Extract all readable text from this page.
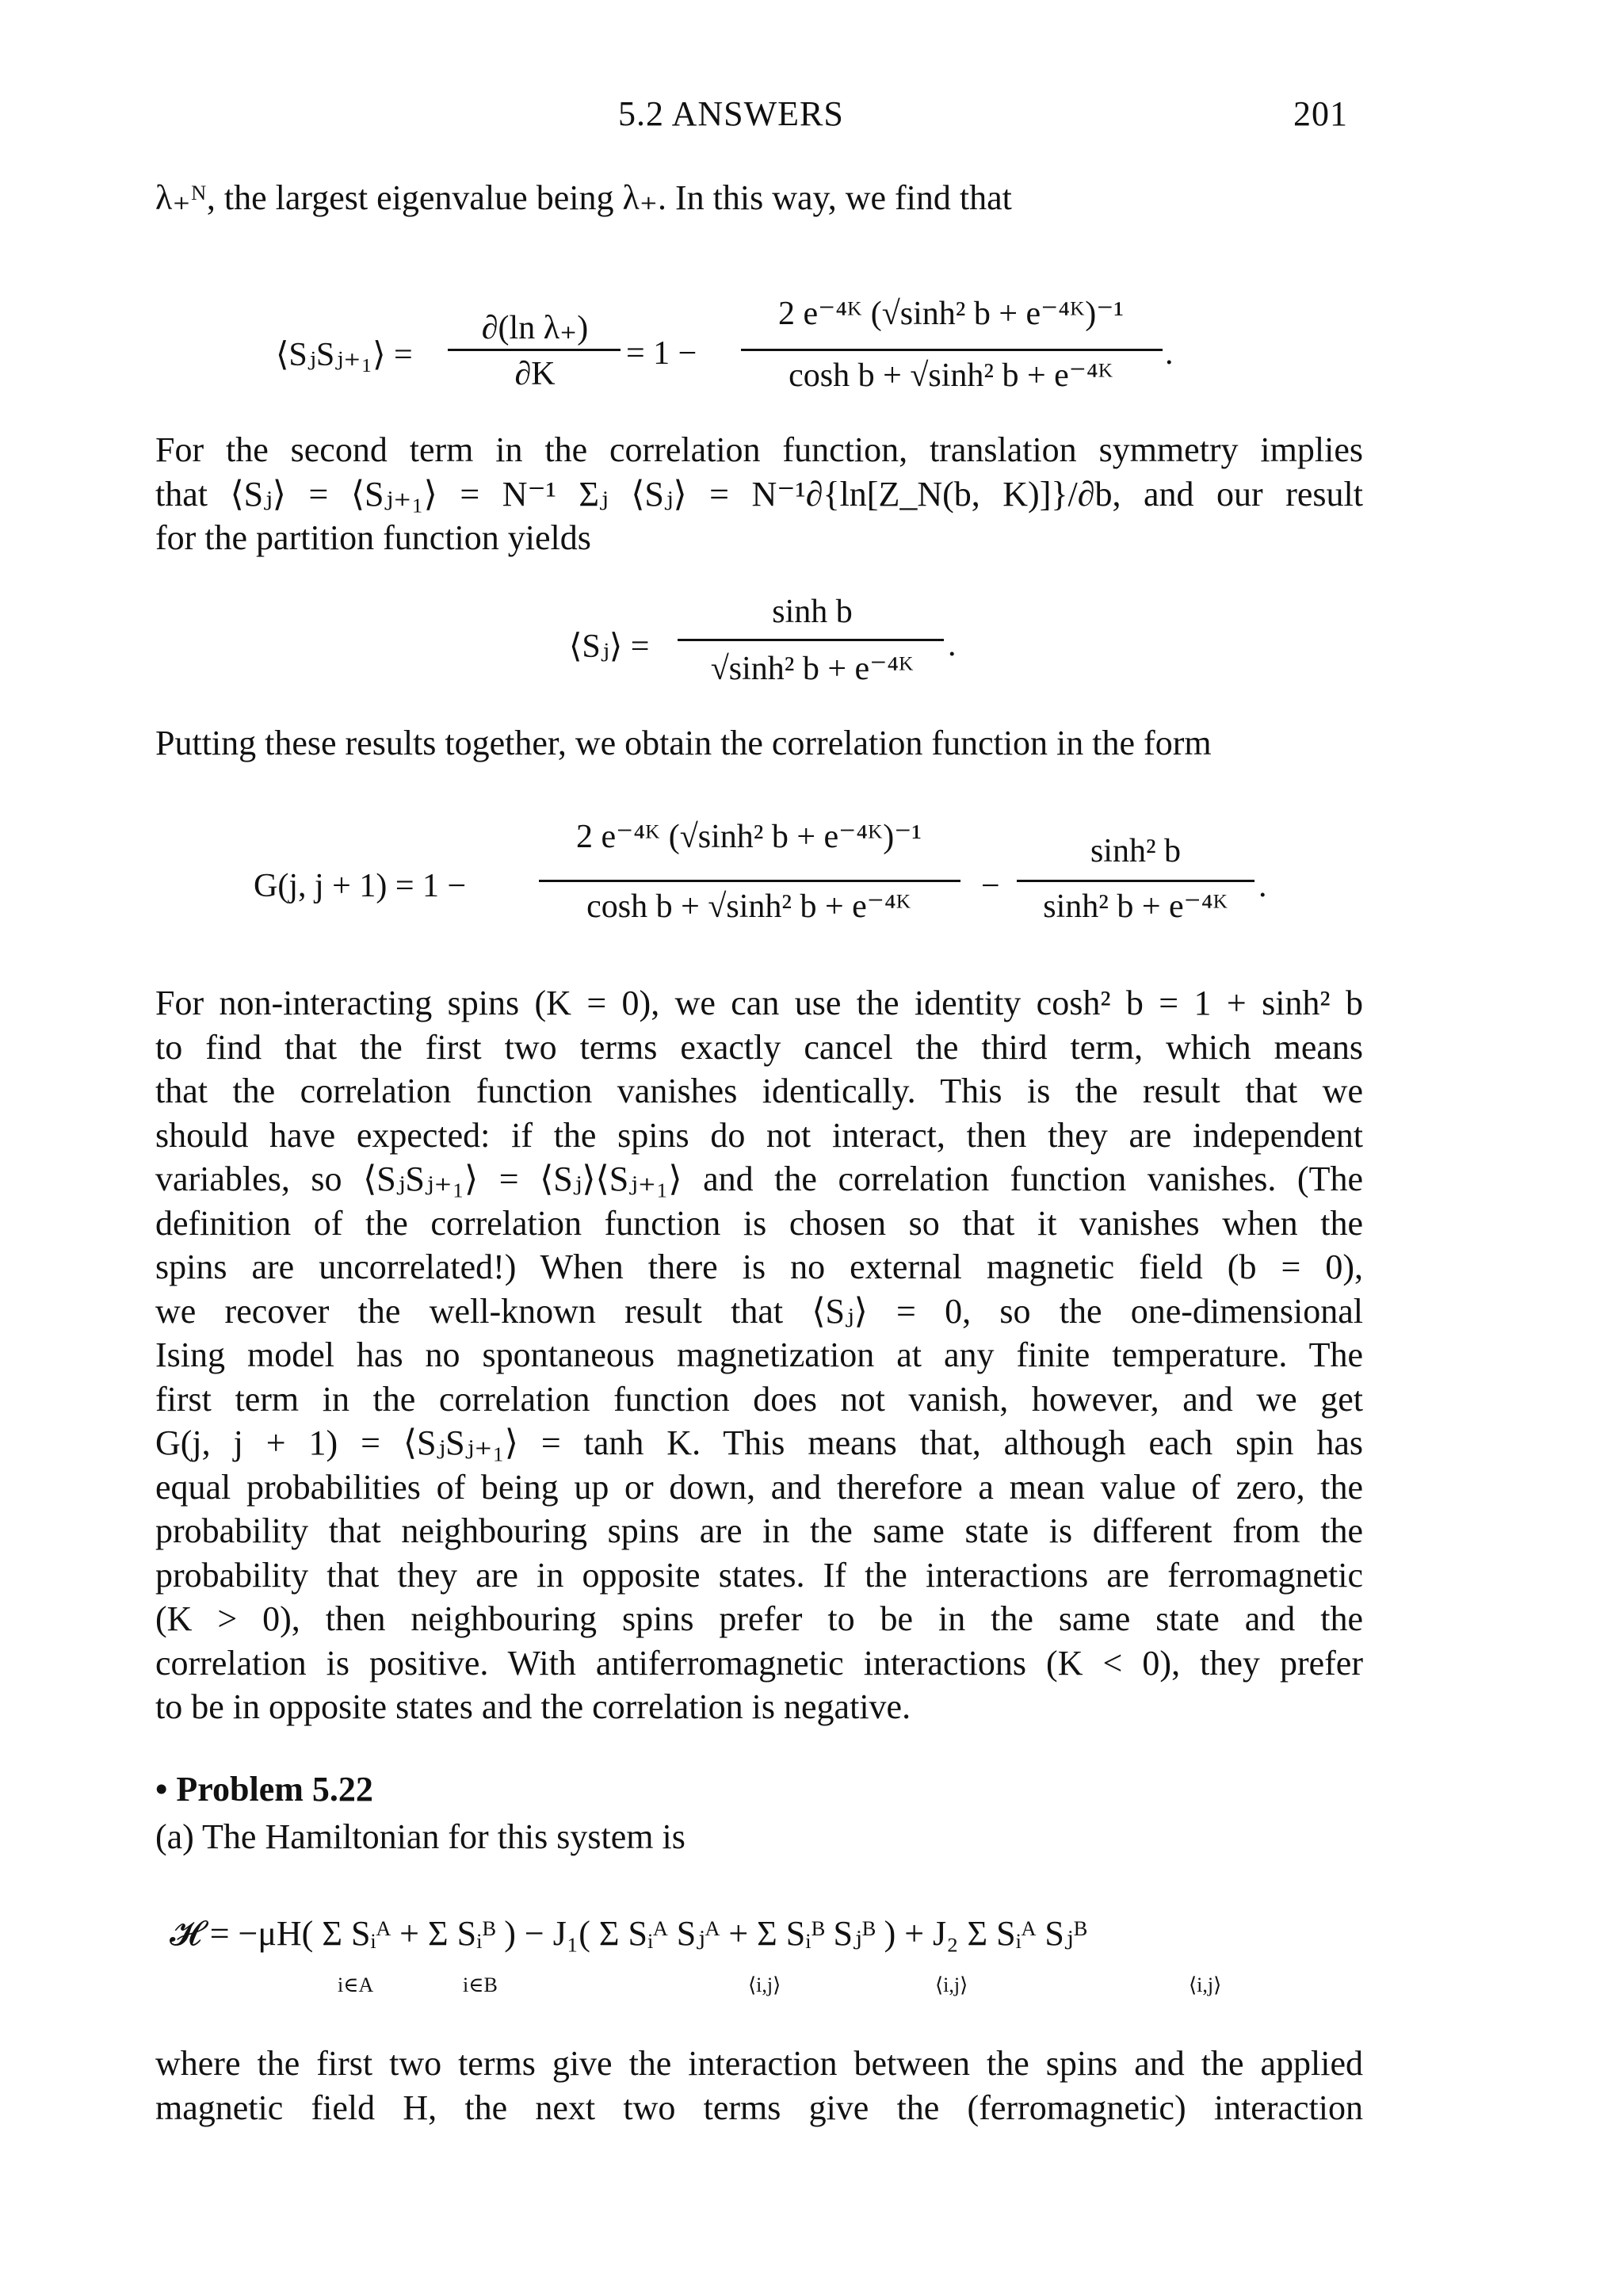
5.2 ANSWERS	201
λ₊ᴺ, the largest eigenvalue being λ₊. In this way, we find that
⟨SⱼSⱼ₊₁⟩ =
∂(ln λ₊)
∂K
= 1 −
2 e⁻⁴ᴷ (√sinh² b + e⁻⁴ᴷ)⁻¹
cosh b + √sinh² b + e⁻⁴ᴷ
.
For the second term in the correlation function, translation symmetry implies
that ⟨Sⱼ⟩ = ⟨Sⱼ₊₁⟩ = N⁻¹ Σⱼ ⟨Sⱼ⟩ = N⁻¹∂{ln[Z_N(b, K)]}/∂b, and our result
for the partition function yields
⟨Sⱼ⟩ =
sinh b
√sinh² b + e⁻⁴ᴷ
.
Putting these results together, we obtain the correlation function in the form
G(j, j + 1) = 1 −
2 e⁻⁴ᴷ (√sinh² b + e⁻⁴ᴷ)⁻¹
cosh b + √sinh² b + e⁻⁴ᴷ
−
sinh² b
sinh² b + e⁻⁴ᴷ
.
For non-interacting spins (K = 0), we can use the identity cosh² b = 1 + sinh² b
to find that the first two terms exactly cancel the third term, which means
that the correlation function vanishes identically. This is the result that we
should have expected: if the spins do not interact, then they are independent
variables, so ⟨SⱼSⱼ₊₁⟩ = ⟨Sⱼ⟩⟨Sⱼ₊₁⟩ and the correlation function vanishes. (The
definition of the correlation function is chosen so that it vanishes when the
spins are uncorrelated!) When there is no external magnetic field (b = 0),
we recover the well-known result that ⟨Sⱼ⟩ = 0, so the one-dimensional
Ising model has no spontaneous magnetization at any finite temperature. The
first term in the correlation function does not vanish, however, and we get
G(j, j + 1) = ⟨SⱼSⱼ₊₁⟩ = tanh K. This means that, although each spin has
equal probabilities of being up or down, and therefore a mean value of zero, the
probability that neighbouring spins are in the same state is different from the
probability that they are in opposite states. If the interactions are ferromagnetic
(K > 0), then neighbouring spins prefer to be in the same state and the
correlation is positive. With antiferromagnetic interactions (K < 0), they prefer
to be in opposite states and the correlation is negative.
• Problem 5.22
(a) The Hamiltonian for this system is
𝓗 = −μH( Σ Sᵢᴬ + Σ Sᵢᴮ ) − J₁( Σ Sᵢᴬ Sⱼᴬ + Σ Sᵢᴮ Sⱼᴮ ) + J₂ Σ Sᵢᴬ Sⱼᴮ
i∈A	i∈B	⟨i,j⟩	⟨i,j⟩	⟨i,j⟩
where the first two terms give the interaction between the spins and the applied
magnetic field H, the next two terms give the (ferromagnetic) interaction
